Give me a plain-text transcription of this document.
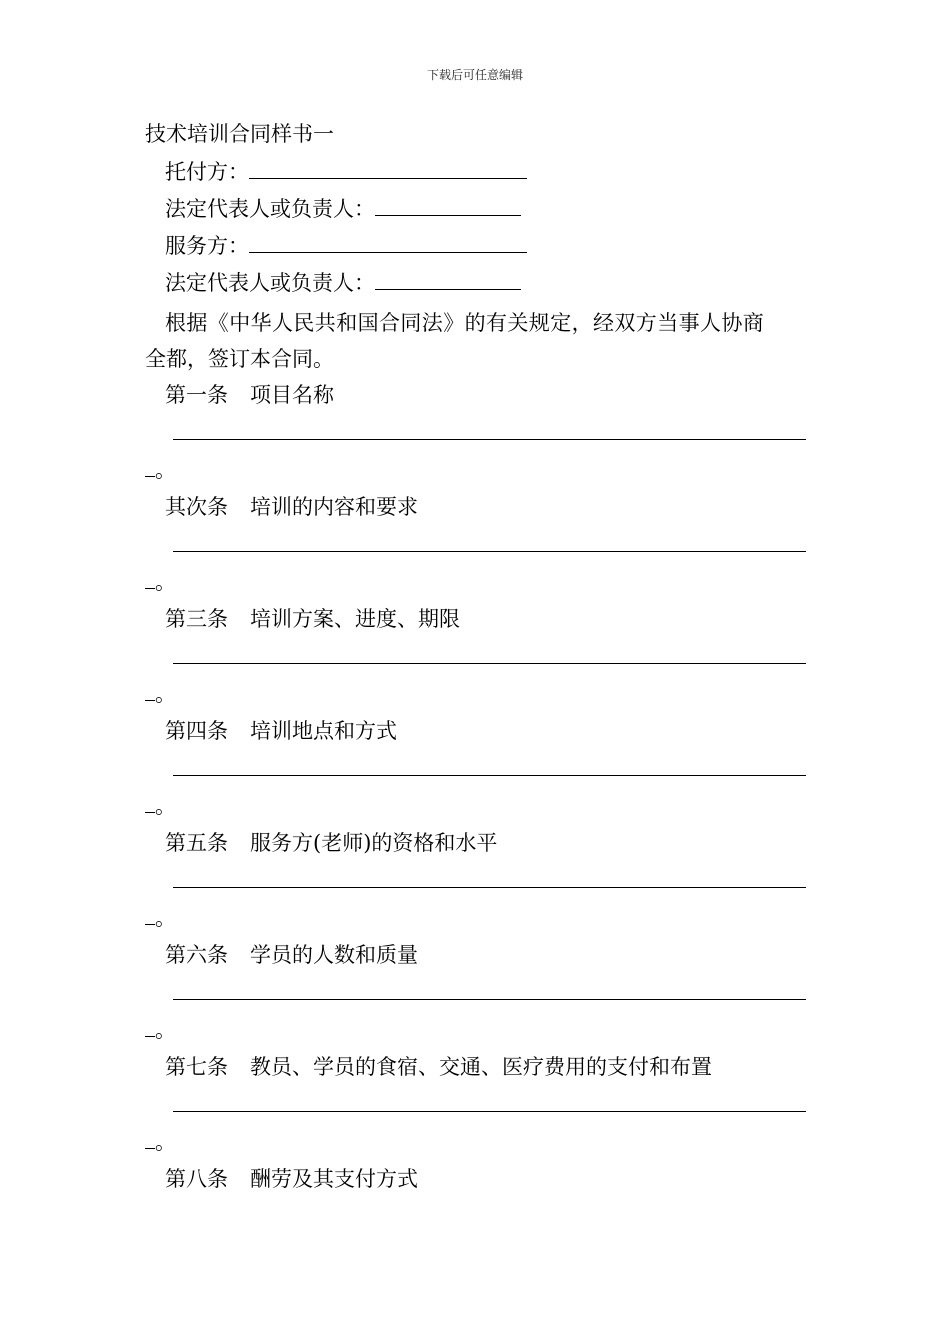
下载后可任意编辑
技术培训合同样书一
托付方：
法定代表人或负责人：
服务方：
法定代表人或负责人：
根据《中华人民共和国合同法》的有关规定，经双方当事人协商
全都，签订本合同。
第一条 项目名称
。
其次条 培训的内容和要求
。
第三条 培训方案、进度、期限
。
第四条 培训地点和方式
。
第五条 服务方(老师)的资格和水平
。
第六条 学员的人数和质量
。
第七条 教员、学员的食宿、交通、医疗费用的支付和布置
。
第八条 酬劳及其支付方式
